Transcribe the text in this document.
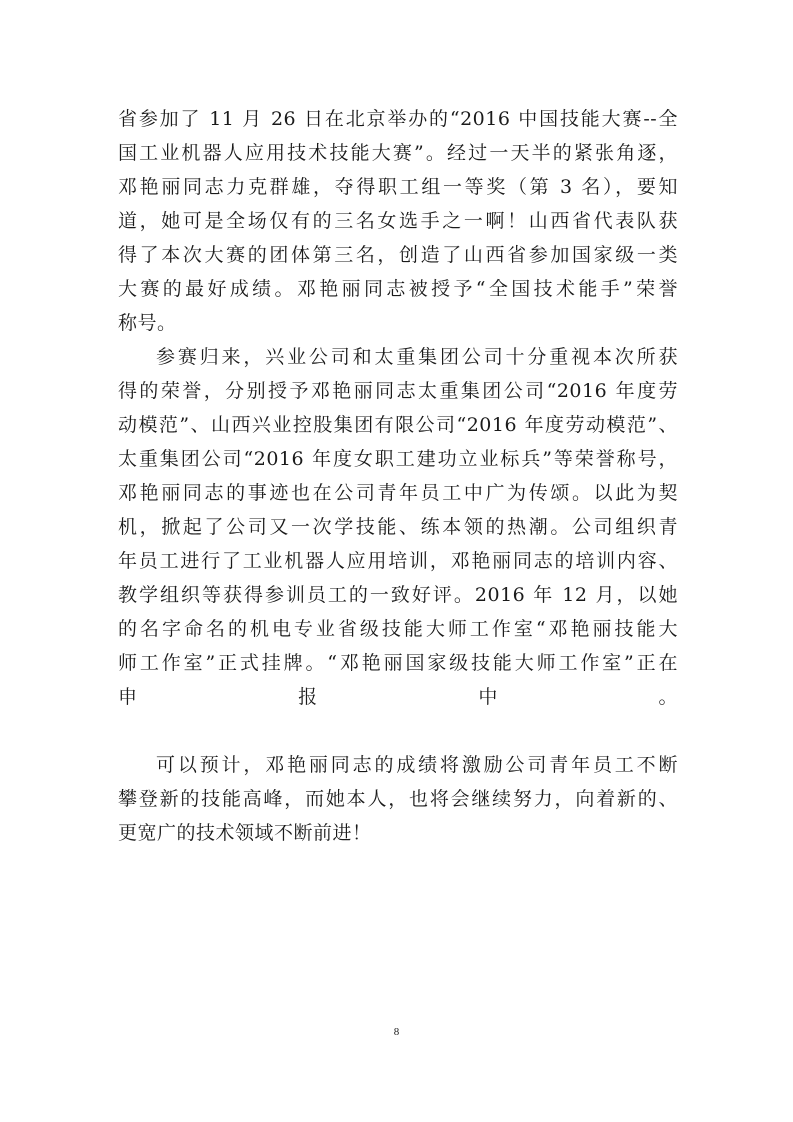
省参加了 11 月 26 日在北京举办的“2016 中国技能大赛--全
国工业机器人应用技术技能大赛”。经过一天半的紧张角逐，
邓艳丽同志力克群雄，夺得职工组一等奖（第 3 名），要知
道，她可是全场仅有的三名女选手之一啊！山西省代表队获
得了本次大赛的团体第三名，创造了山西省参加国家级一类
大赛的最好成绩。邓艳丽同志被授予“全国技术能手”荣誉
称号。
参赛归来，兴业公司和太重集团公司十分重视本次所获
得的荣誉，分别授予邓艳丽同志太重集团公司“2016 年度劳
动模范”、山西兴业控股集团有限公司“2016 年度劳动模范”、
太重集团公司“2016 年度女职工建功立业标兵”等荣誉称号，
邓艳丽同志的事迹也在公司青年员工中广为传颂。以此为契
机，掀起了公司又一次学技能、练本领的热潮。公司组织青
年员工进行了工业机器人应用培训，邓艳丽同志的培训内容、
教学组织等获得参训员工的一致好评。2016 年 12 月，以她
的名字命名的机电专业省级技能大师工作室“邓艳丽技能大
师工作室”正式挂牌。“邓艳丽国家级技能大师工作室”正在
申报中。
可以预计，邓艳丽同志的成绩将激励公司青年员工不断
攀登新的技能高峰，而她本人，也将会继续努力，向着新的、
更宽广的技术领域不断前进！
8
